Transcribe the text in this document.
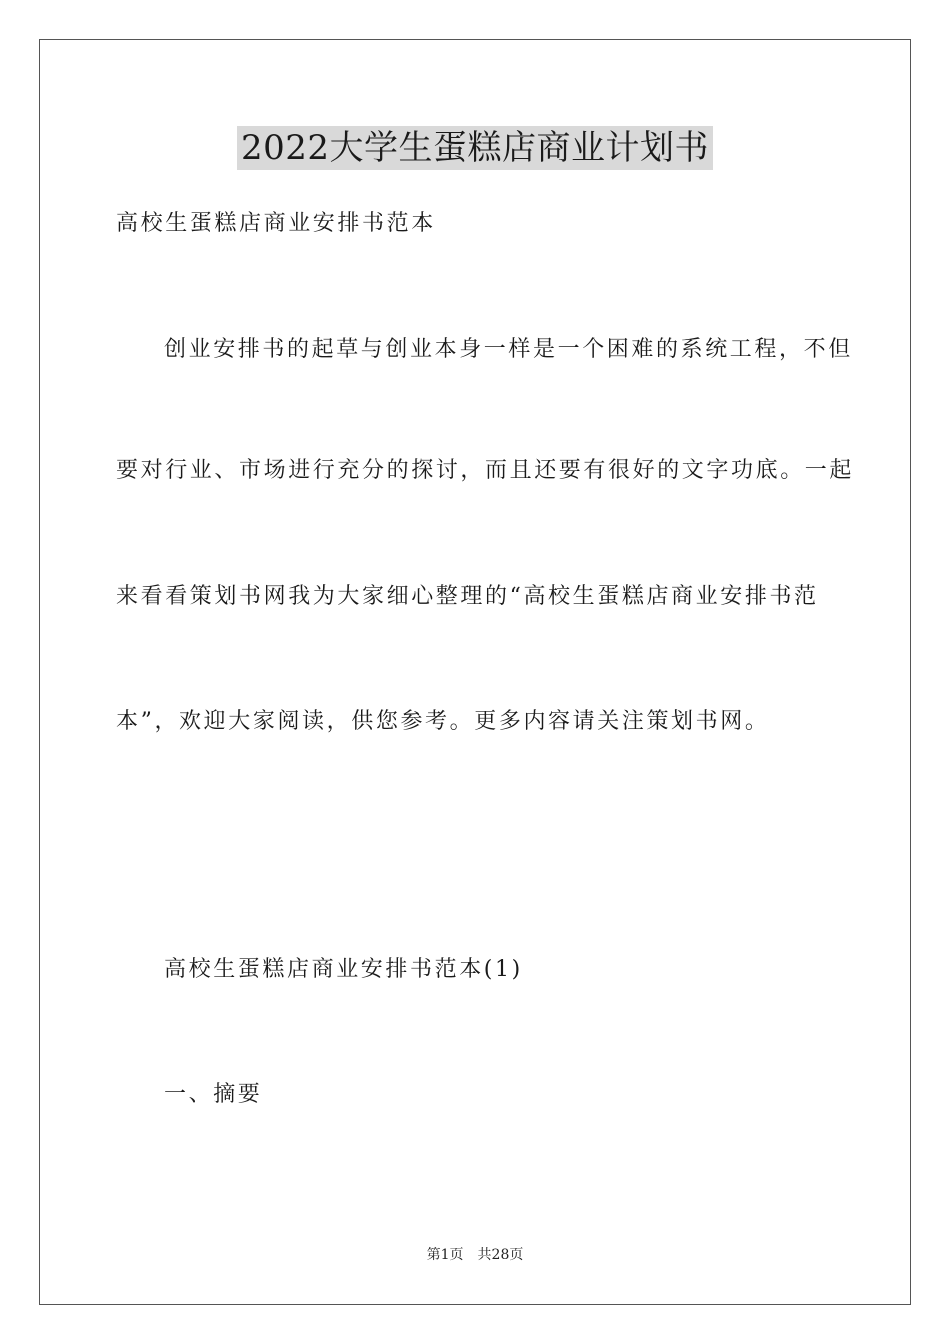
2022大学生蛋糕店商业计划书

高校生蛋糕店商业安排书范本

创业安排书的起草与创业本身一样是一个困难的系统工程，不但

要对行业、市场进行充分的探讨，而且还要有很好的文字功底。一起

来看看策划书网我为大家细心整理的“高校生蛋糕店商业安排书范

本”，欢迎大家阅读，供您参考。更多内容请关注策划书网。

高校生蛋糕店商业安排书范本(1)

一、摘要

第1页 共28页
